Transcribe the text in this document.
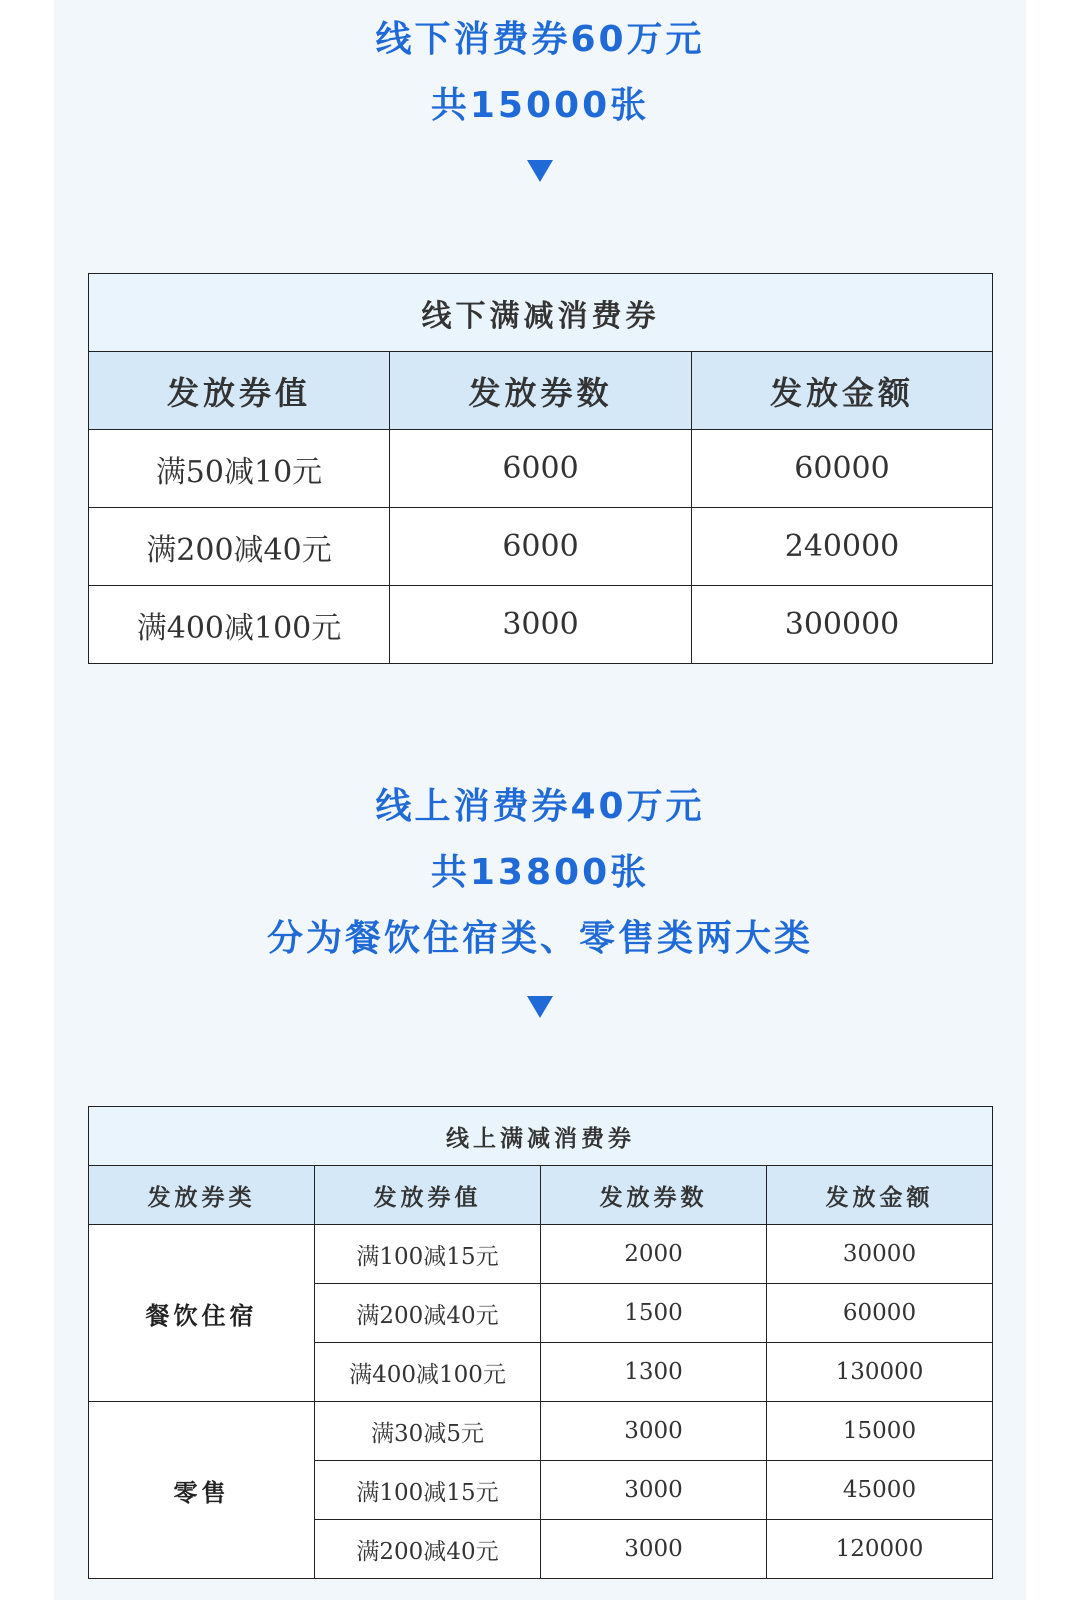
线下消费券60万元
共15000张
线下满减消费券		
发放券值	发放券数	发放金额
满50减10元	6000	60000
满200减40元	6000	240000
满400减100元	3000	300000
线上消费券40万元
共13800张
分为餐饮住宿类、零售类两大类
线上满减消费券			
发放券类	发放券值	发放券数	发放金额
餐饮住宿	满100减15元	2000	30000
	满200减40元	1500	60000
	满400减100元	1300	130000
零售	满30减5元	3000	15000
	满100减15元	3000	45000
	满200减40元	3000	120000
